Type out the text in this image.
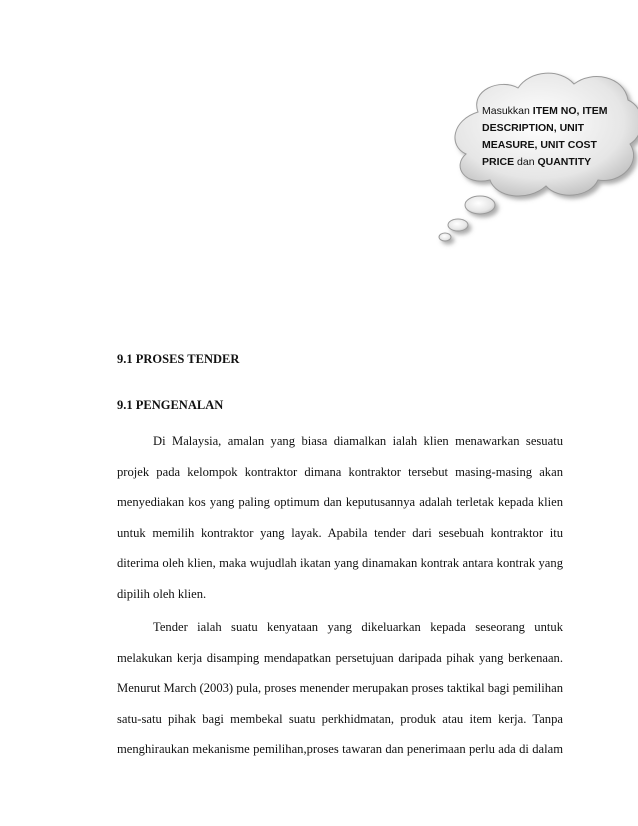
Masukkan ITEM NO, ITEM DESCRIPTION, UNIT MEASURE, UNIT COST PRICE dan QUANTITY
9.1 PROSES TENDER
9.1 PENGENALAN

Di Malaysia, amalan yang biasa diamalkan ialah klien menawarkan sesuatu
projek pada kelompok kontraktor dimana kontraktor tersebut masing-masing akan
menyediakan kos yang paling optimum dan keputusannya adalah terletak kepada klien
untuk memilih kontraktor yang layak. Apabila tender dari sesebuah kontraktor itu
diterima oleh klien, maka wujudlah ikatan yang dinamakan kontrak antara kontrak yang
dipilih oleh klien.

Tender ialah suatu kenyataan yang dikeluarkan kepada seseorang untuk
melakukan kerja disamping mendapatkan persetujuan daripada pihak yang berkenaan.
Menurut March (2003) pula, proses menender merupakan proses taktikal bagi pemilihan
satu-satu pihak bagi membekal suatu perkhidmatan, produk atau item kerja. Tanpa
menghiraukan mekanisme pemilihan,proses tawaran dan penerimaan perlu ada di dalam
